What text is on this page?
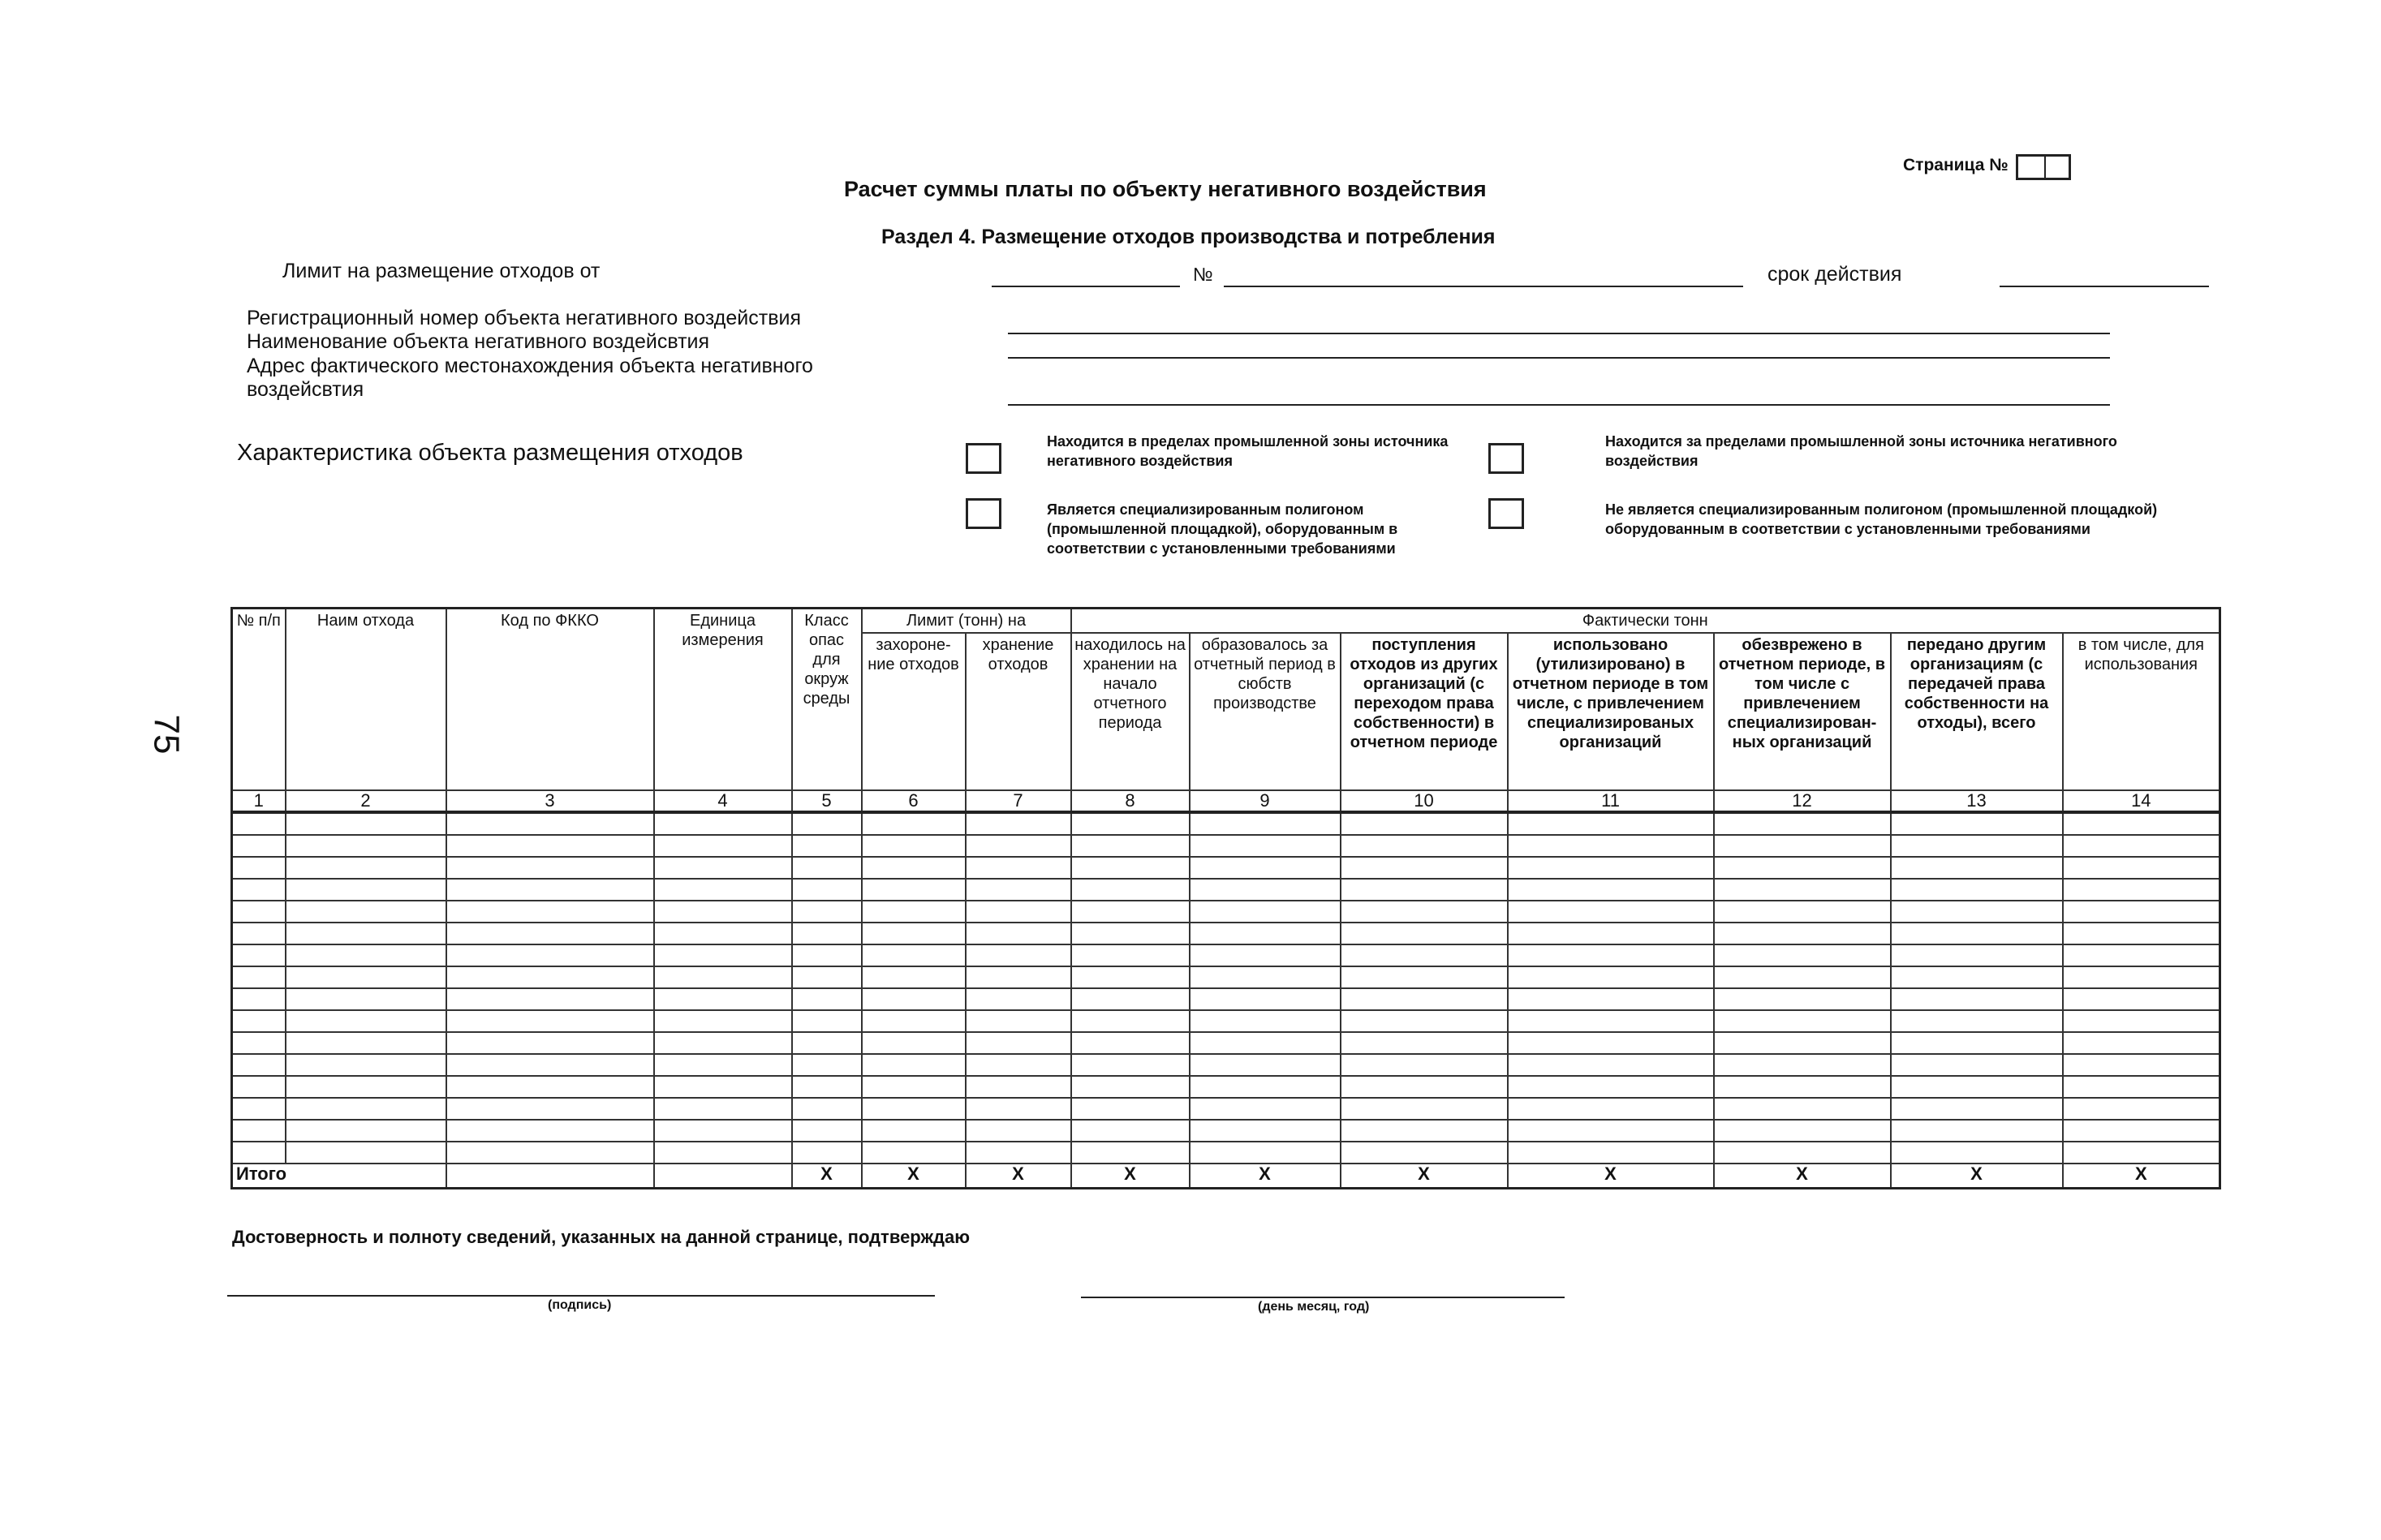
Страница №
Расчет суммы платы по объекту негативного воздействия
Раздел 4. Размещение отходов производства и потребления
Лимит на размещение отходов от	№	срок действия
Регистрационный номер объекта негативного воздействия
Наименование объекта негативного воздейсвтия
Адрес фактического местонахождения объекта негативного воздейсвтия
Характеристика объекта размещения отходов	Находится в пределах промышленной зоны источника негативного воздействия
Находится за пределами промышленной зоны источника негативного воздействия
Является специализированным полигоном (промышленной площадкой), оборудованным в соответствии с установленными требованиями
Не является специализированным полигоном (промышленной площадкой) оборудованным в соответствии с установленными требованиями
75
№ п/п	Наим отхода	Код по ФККО	Единица измерения	Класс опас для окруж среды	Лимит (тонн) на		Фактически тонн						
					захороне- ние отходов	хранение отходов	находилось на хранении на начало отчетного периода	образовалось за отчетный период в сюбств производстве	поступления отходов из других организаций (с переходом права собственности) в отчетном периоде	использовано (утилизировано) в отчетном периоде в том числе, с привлечением специализированых организаций	обезврежено в отчетном периоде, в том числе с привлечением специализирован- ных организаций	передано другим организациям (с передачей права собственности на отходы), всего	в том числе, для использования
1	2	3	4	5	6	7	8	9	10	11	12	13	14

Итого				X	X	X	X	X	X	X	X	X	X
Достоверность и полноту сведений, указанных на данной странице, подтверждаю
(подпись)	(день месяц, год)
